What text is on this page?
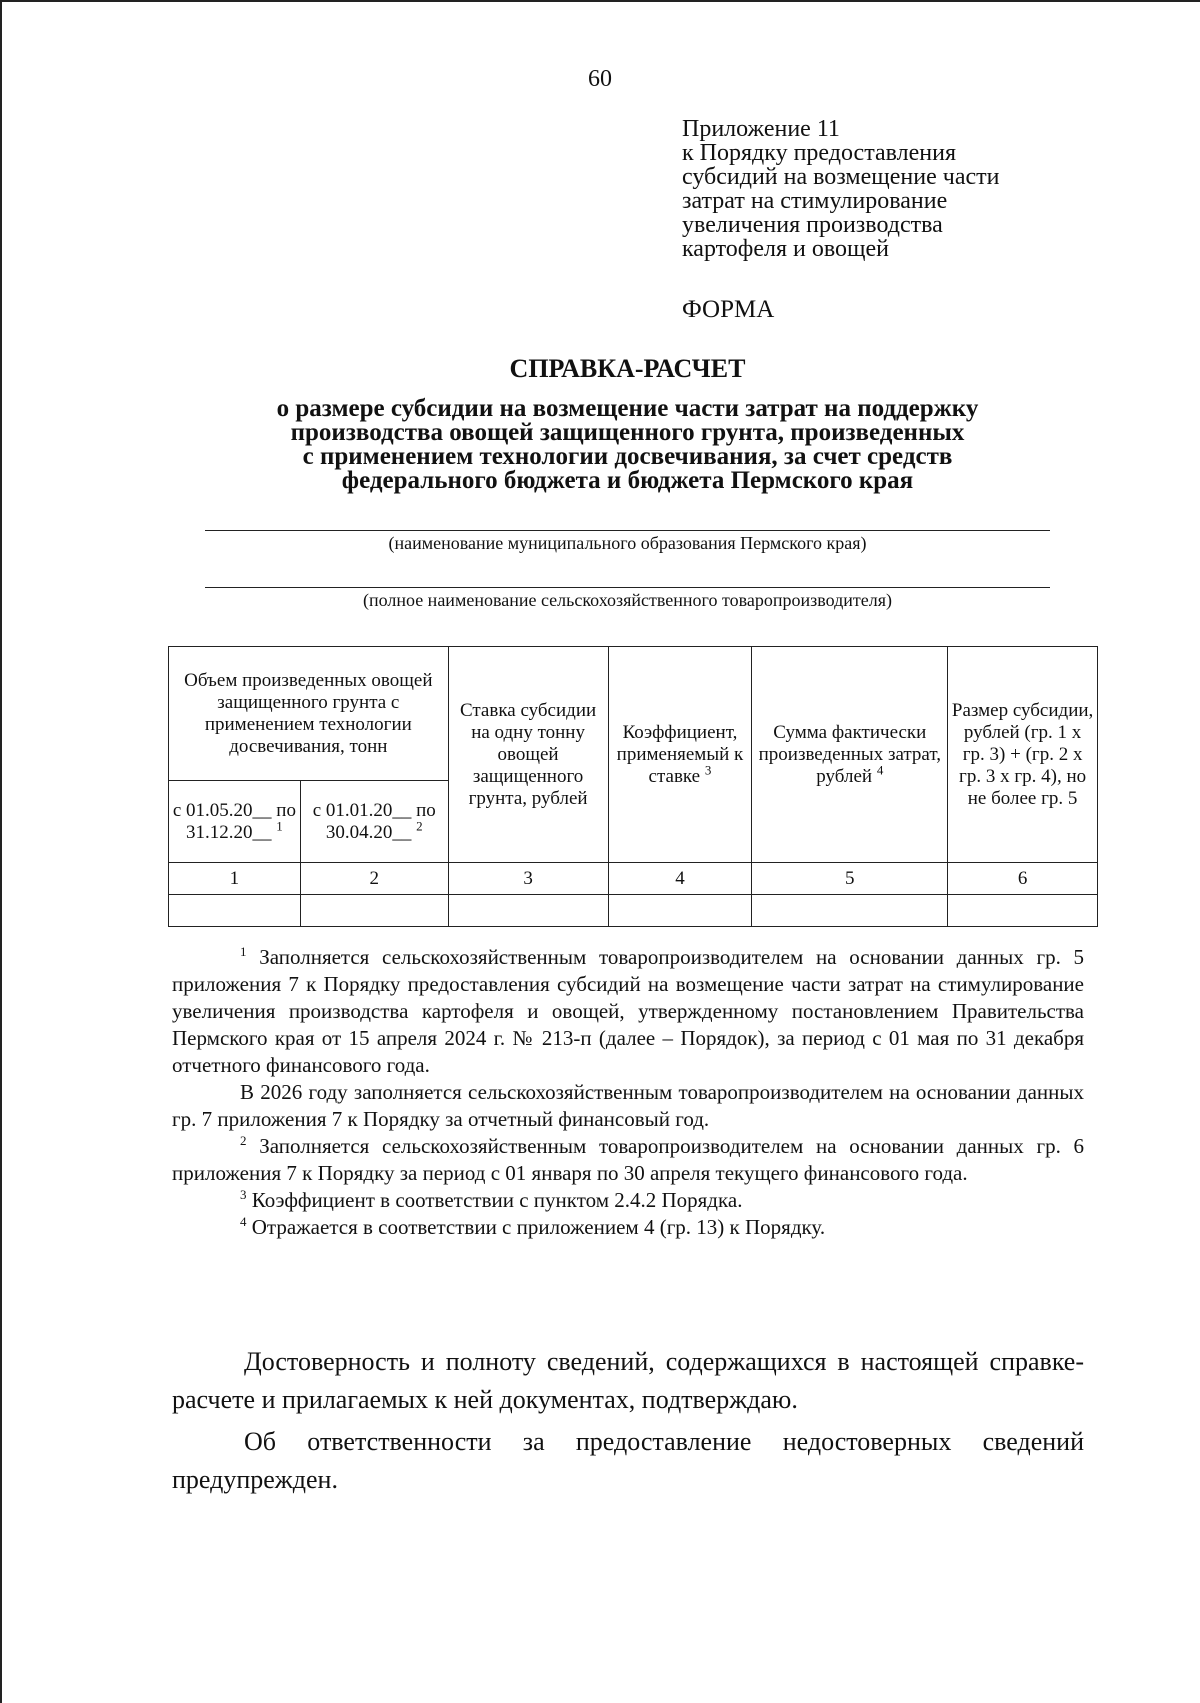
60
Приложение 11
к Порядку предоставления
субсидий на возмещение части
затрат на стимулирование
увеличения производства
картофеля и овощей
ФОРМА
СПРАВКА-РАСЧЕТ
о размере субсидии на возмещение части затрат на поддержку
производства овощей защищенного грунта, произведенных
с применением технологии досвечивания, за счет средств
федерального бюджета и бюджета Пермского края
(наименование муниципального образования Пермского края)
(полное наименование сельскохозяйственного товаропроизводителя)
Объем произведенных овощей защищенного грунта с применением технологии досвечивания, тонн		Ставка субсидии на одну тонну овощей защищенного грунта, рублей	Коэффициент, применяемый к ставке $^3$	Сумма фактически произведенных затрат, рублей $^4$	Размер субсидии, рублей (гр. 1 х гр. 3) + (гр. 2 х гр. 3 х гр. 4), но не более гр. 5
с 01.05.20__ по 31.12.20__ $^1$	с 01.01.20__ по 30.04.20__ $^2$
1	2	3	4	5	6

$^1$ Заполняется сельскохозяйственным товаропроизводителем на основании данных гр. 5 приложения 7 к Порядку предоставления субсидий на возмещение части затрат на стимулирование увеличения производства картофеля и овощей, утвержденному постановлением Правительства Пермского края от 15 апреля 2024 г. № 213-п (далее – Порядок), за период с 01 мая по 31 декабря отчетного финансового года.

В 2026 году заполняется сельскохозяйственным товаропроизводителем на основании данных гр. 7 приложения 7 к Порядку за отчетный финансовый год.

$^2$ Заполняется сельскохозяйственным товаропроизводителем на основании данных гр. 6 приложения 7 к Порядку за период с 01 января по 30 апреля текущего финансового года.

$^3$ Коэффициент в соответствии с пунктом 2.4.2 Порядка.

$^4$ Отражается в соответствии с приложением 4 (гр. 13) к Порядку.

Достоверность и полноту сведений, содержащихся в настоящей справке-расчете и прилагаемых к ней документах, подтверждаю.

Об ответственности за предоставление недостоверных сведений предупрежден.
